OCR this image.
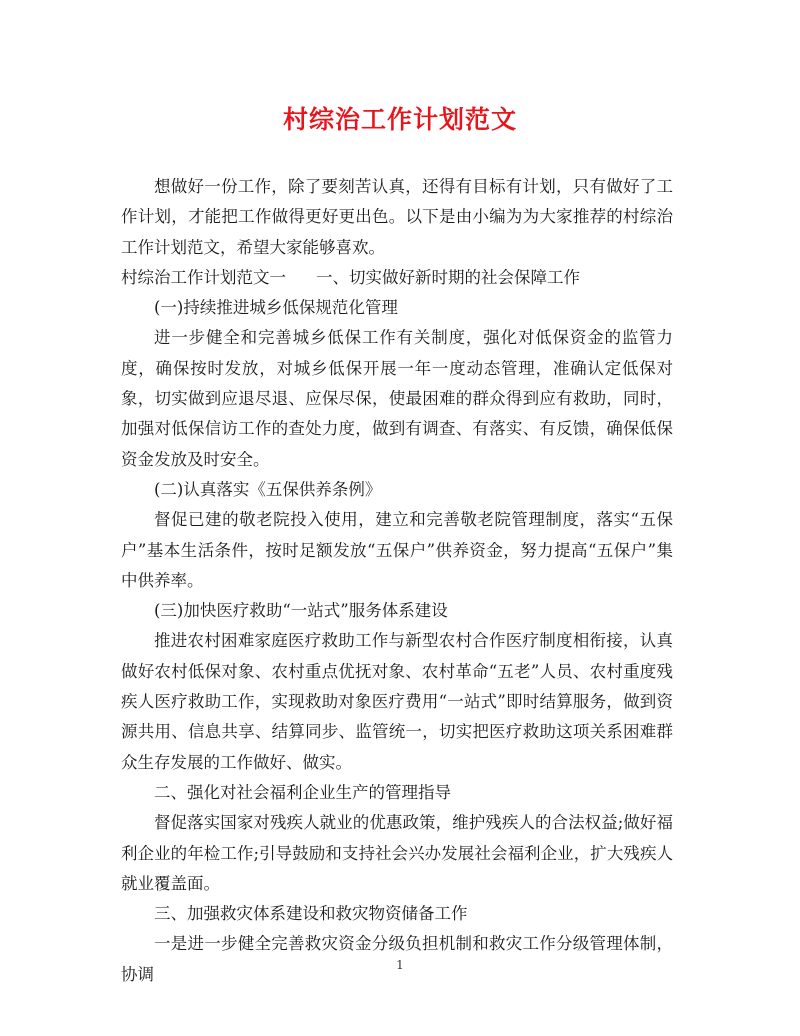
村综治工作计划范文

想做好一份工作，除了要刻苦认真，还得有目标有计划，只有做好了工作计划，才能把工作做得更好更出色。以下是由小编为为大家推荐的村综治工作计划范文，希望大家能够喜欢。

村综治工作计划范文一 一、切实做好新时期的社会保障工作

(一)持续推进城乡低保规范化管理

进一步健全和完善城乡低保工作有关制度，强化对低保资金的监管力度，确保按时发放，对城乡低保开展一年一度动态管理，准确认定低保对象，切实做到应退尽退、应保尽保，使最困难的群众得到应有救助，同时，加强对低保信访工作的查处力度，做到有调查、有落实、有反馈，确保低保资金发放及时安全。

(二)认真落实《五保供养条例》

督促已建的敬老院投入使用，建立和完善敬老院管理制度，落实“五保户”基本生活条件，按时足额发放“五保户”供养资金，努力提高“五保户”集中供养率。

(三)加快医疗救助“一站式”服务体系建设

推进农村困难家庭医疗救助工作与新型农村合作医疗制度相衔接，认真做好农村低保对象、农村重点优抚对象、农村革命“五老”人员、农村重度残疾人医疗救助工作，实现救助对象医疗费用“一站式”即时结算服务，做到资源共用、信息共享、结算同步、监管统一，切实把医疗救助这项关系困难群众生存发展的工作做好、做实。

二、强化对社会福利企业生产的管理指导

督促落实国家对残疾人就业的优惠政策，维护残疾人的合法权益;做好福利企业的年检工作;引导鼓励和支持社会兴办发展社会福利企业，扩大残疾人就业覆盖面。

三、加强救灾体系建设和救灾物资储备工作

一是进一步健全完善救灾资金分级负担机制和救灾工作分级管理体制，协调	1
